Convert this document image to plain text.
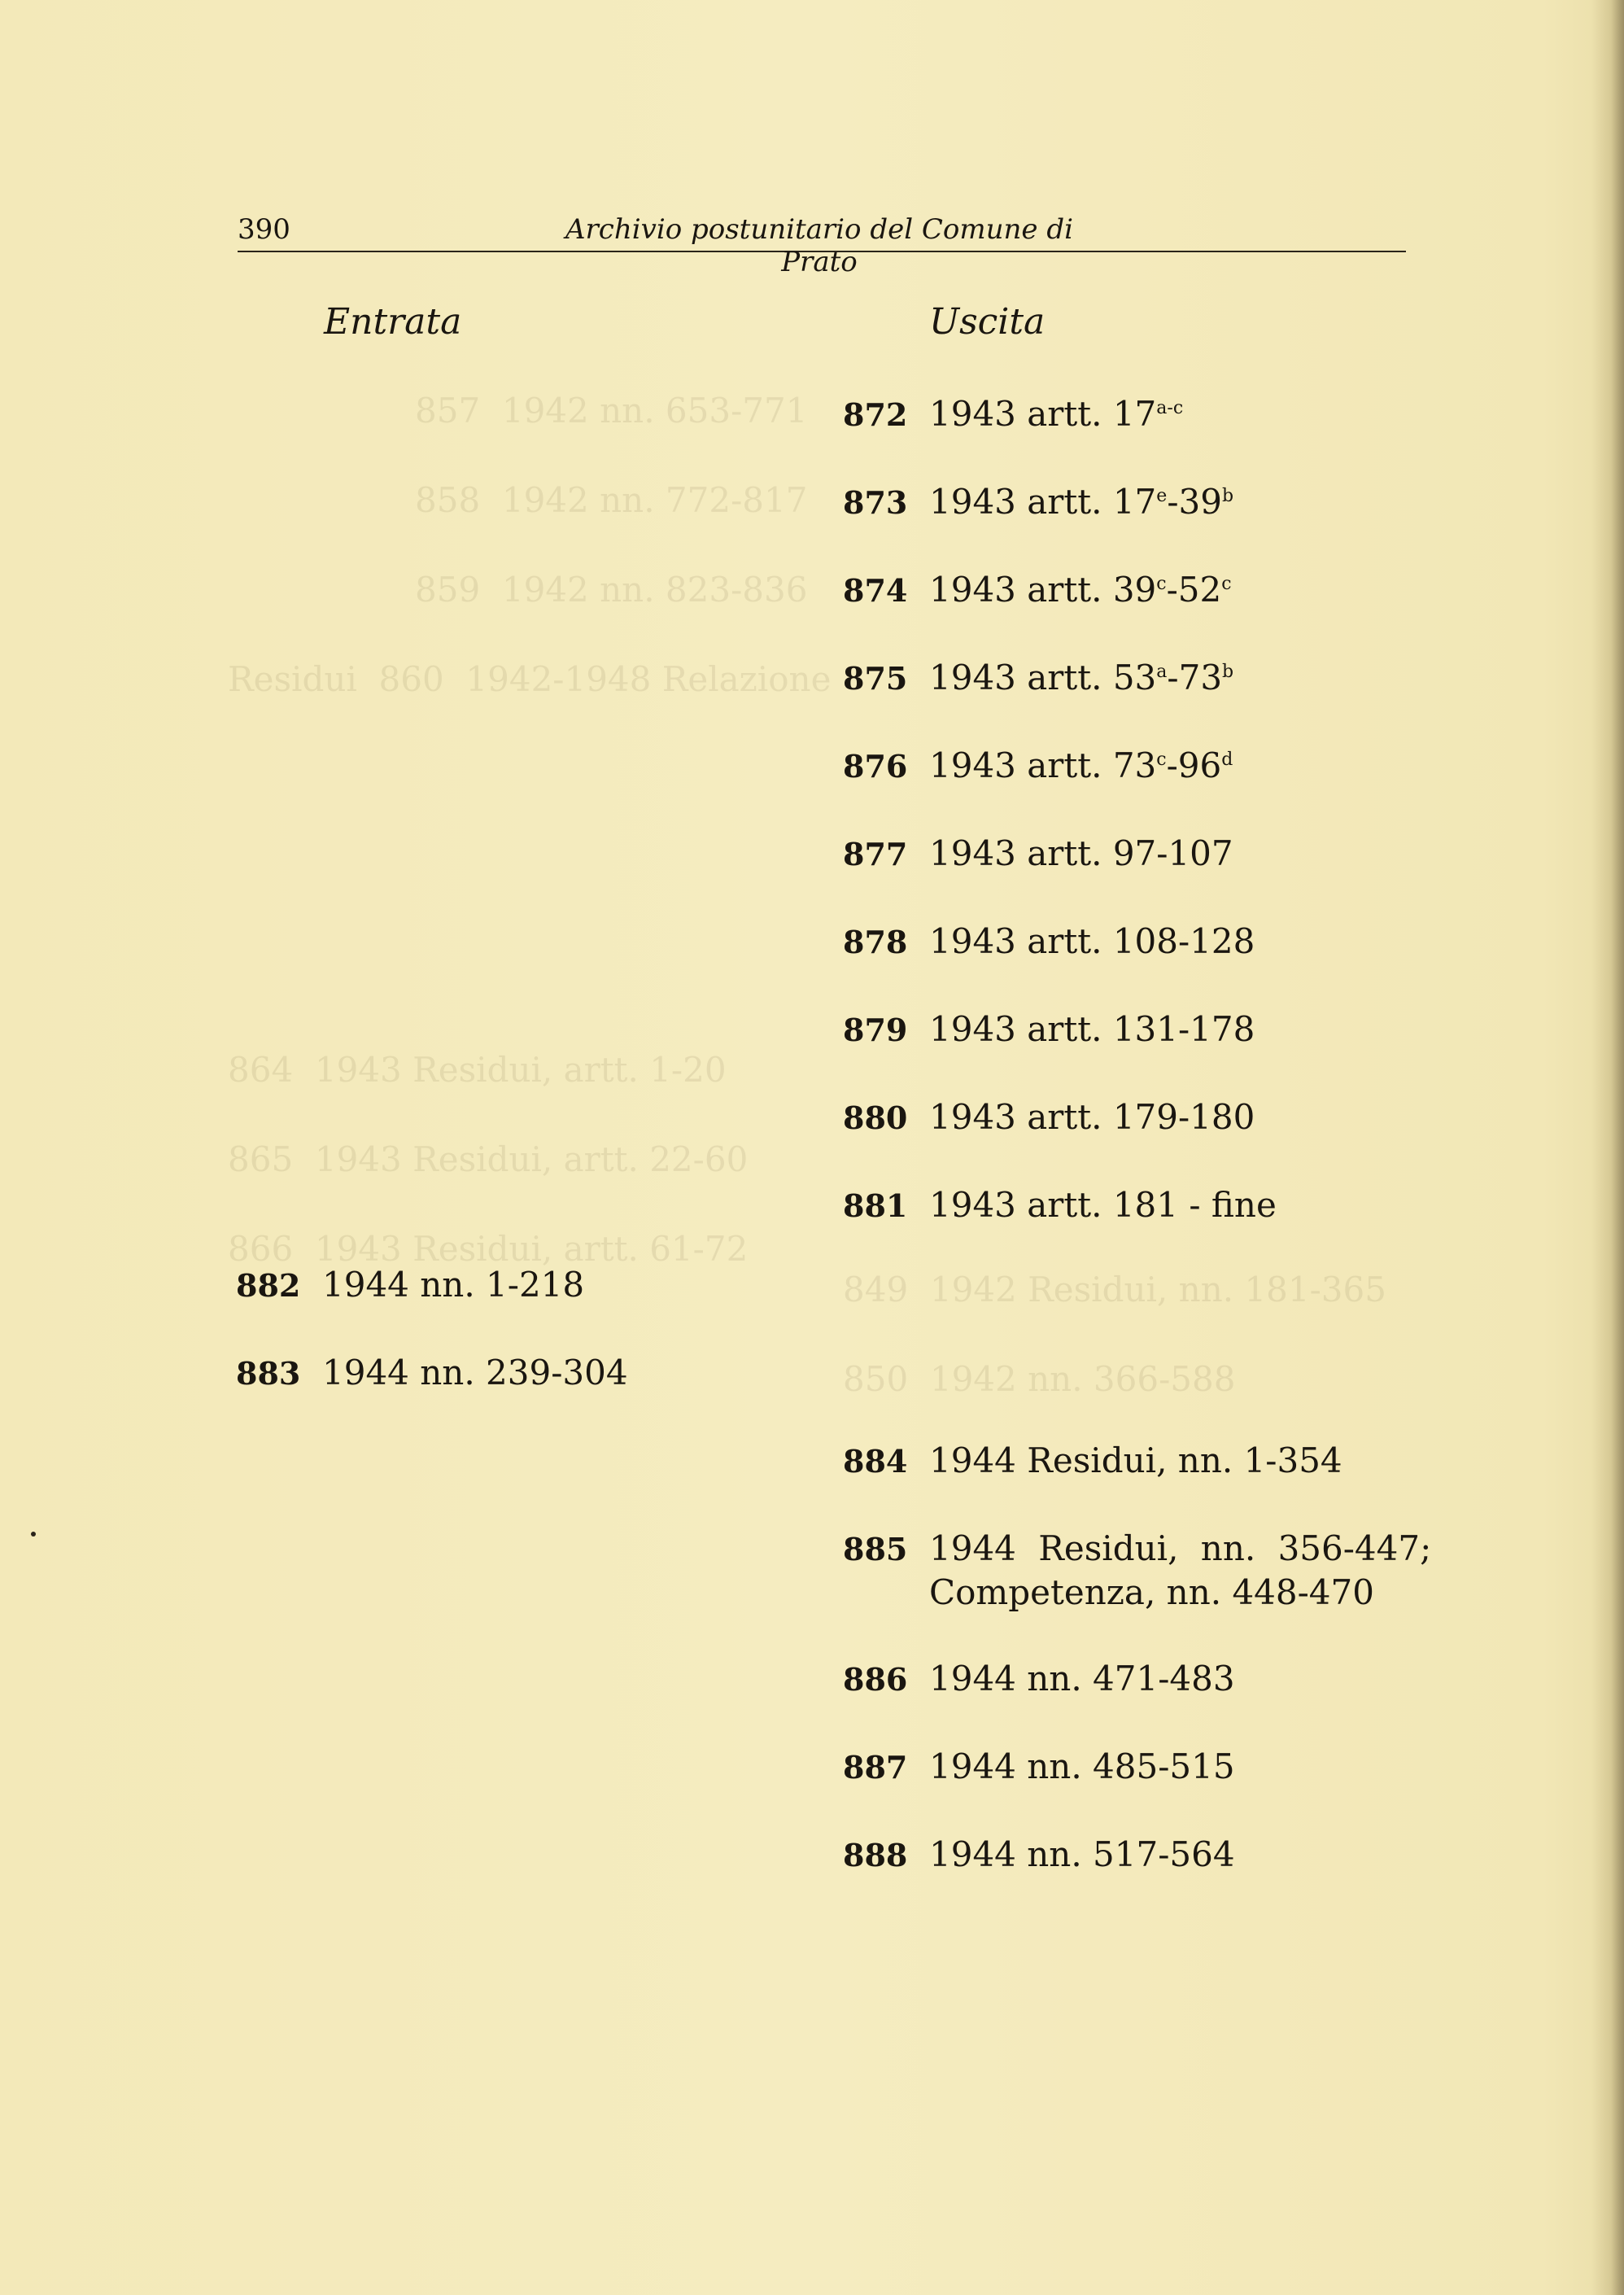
857  1942 nn. 653-771
858  1942 nn. 772-817
859  1942 nn. 823-836
Residui  860  1942-1948 Relazione
864  1943 Residui, artt. 1-20
865  1943 Residui, artt. 22-60
866  1943 Residui, artt. 61-72
849  1942 Residui, nn. 181-365
850  1942 nn. 366-588
390	Archivio postunitario del Comune di Prato
Entrata	Uscita
872 1943 artt. 17$^{a-c}$
873 1943 artt. 17e-39$^b$
874 1943 artt. 39$^c$-52$^c$
875 1943 artt. 53$^a$-73$^b$
876 1943 artt. 73$^c$-96$^d$
877 1943 artt. 97-107
878 1943 artt. 108-128
879 1943 artt. 131-178
880 1943 artt. 179-180
881 1943 artt. 181 - fine
882 1944 nn. 1-218
883 1944 nn. 239-304
884 1944 Residui, nn. 1-354
885 1944 Residui, nn. 356-447;
Competenza, nn. 448-470
886 1944 nn. 471-483
887 1944 nn. 485-515
888 1944 nn. 517-564
